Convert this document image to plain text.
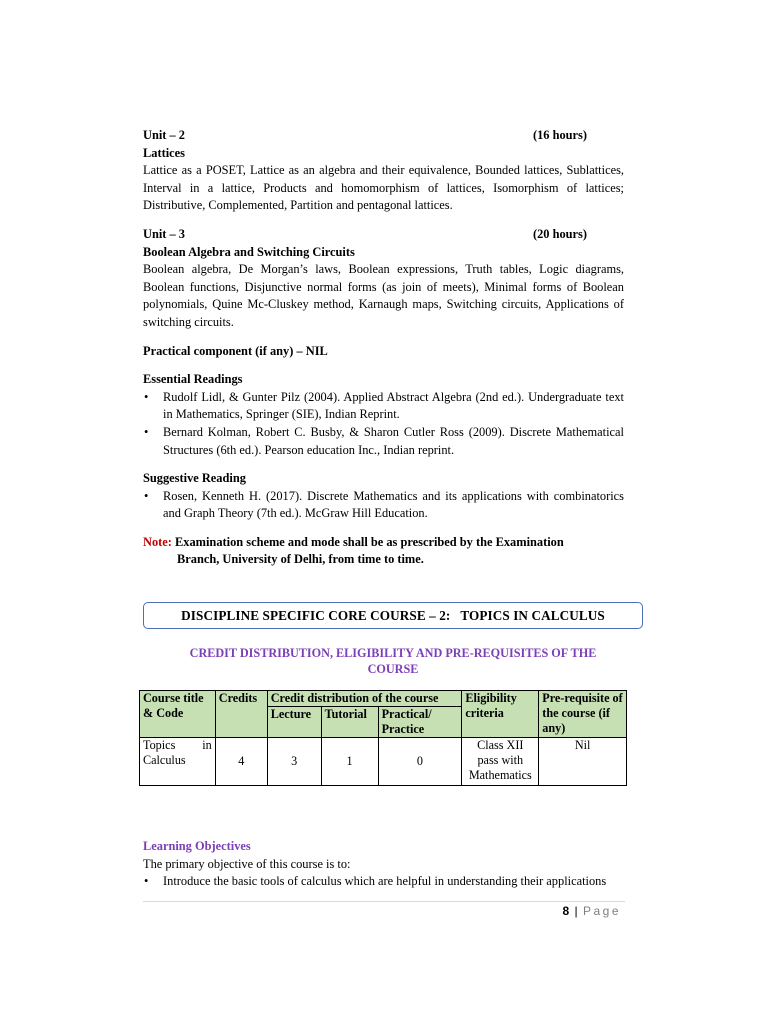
Unit – 2	(16 hours)
Lattices
Lattice as a POSET, Lattice as an algebra and their equivalence, Bounded lattices, Sublattices, Interval in a lattice, Products and homomorphism of lattices, Isomorphism of lattices; Distributive, Complemented, Partition and pentagonal lattices.
Unit – 3	(20 hours)
Boolean Algebra and Switching Circuits
Boolean algebra, De Morgan’s laws, Boolean expressions, Truth tables, Logic diagrams, Boolean functions, Disjunctive normal forms (as join of meets), Minimal forms of Boolean polynomials, Quine Mc-Cluskey method, Karnaugh maps, Switching circuits, Applications of switching circuits.
Practical component (if any) – NIL
Essential Readings
• Rudolf Lidl, & Gunter Pilz (2004). Applied Abstract Algebra (2nd ed.). Undergraduate text in Mathematics, Springer (SIE), Indian Reprint.
• Bernard Kolman, Robert C. Busby, & Sharon Cutler Ross (2009). Discrete Mathematical Structures (6th ed.). Pearson education Inc., Indian reprint.
Suggestive Reading
• Rosen, Kenneth H. (2017). Discrete Mathematics and its applications with combinatorics and Graph Theory (7th ed.). McGraw Hill Education.
Note: Examination scheme and mode shall be as prescribed by the Examination
Branch, University of Delhi, from time to time.
DISCIPLINE SPECIFIC CORE COURSE – 2:   TOPICS IN CALCULUS
CREDIT DISTRIBUTION, ELIGIBILITY AND PRE-REQUISITES OF THE
COURSE
Course title & Code	Credits	Credit distribution of the course			Eligibility criteria	Pre-requisite of the course (if any)
		Lecture	Tutorial	Practical/ Practice		

Topics in
Calculus	4	3	1	0	Class XII pass with Mathematics	Nil
Learning Objectives
The primary objective of this course is to:
• Introduce the basic tools of calculus which are helpful in understanding their applications
8 | Page
